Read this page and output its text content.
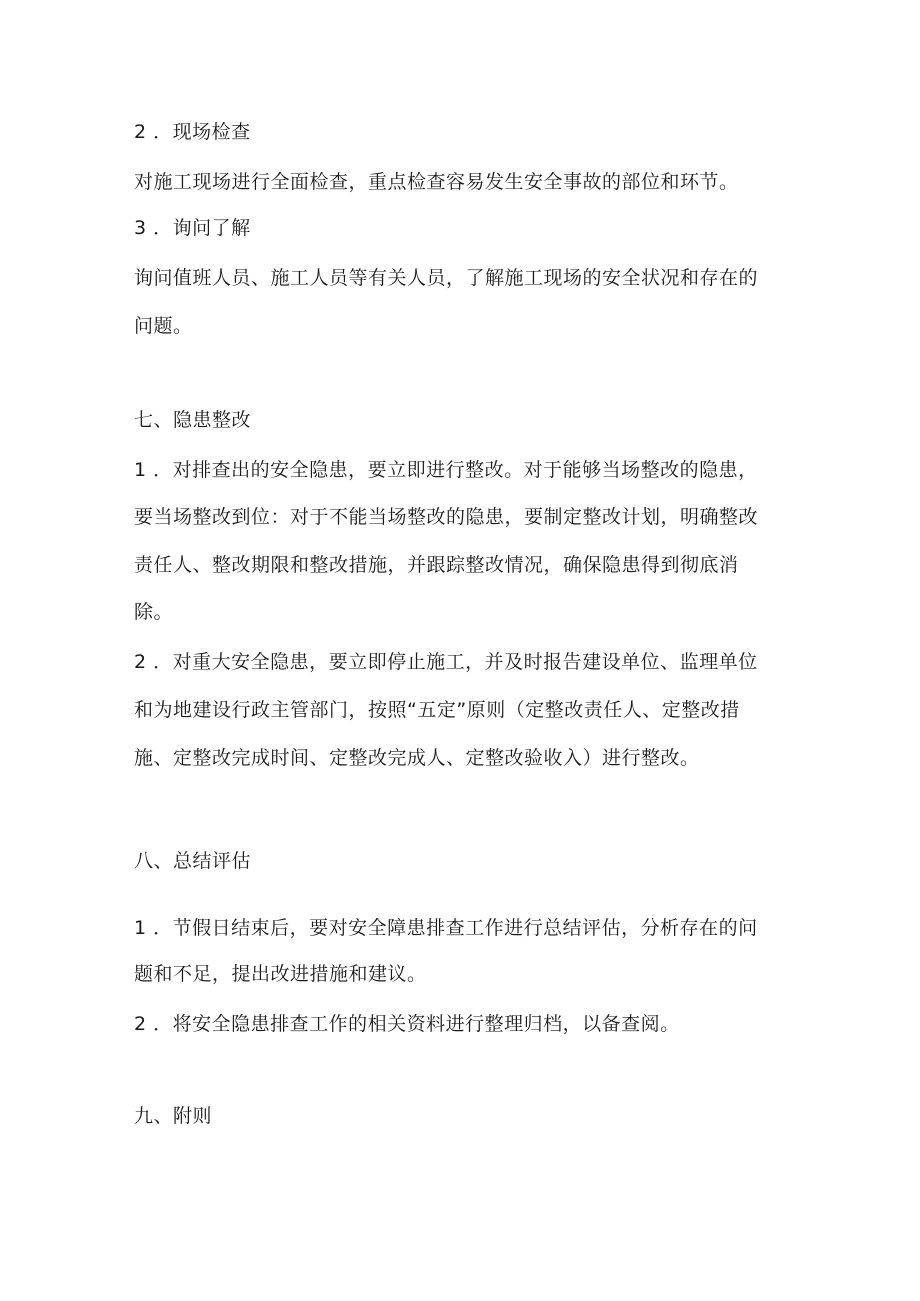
2 ．现场检查
对施工现场进行全面检查，重点检查容易发生安全事故的部位和环节。
3 ．询问了解
询问值班人员、施工人员等有关人员，了解施工现场的安全状况和存在的
问题。
七、隐患整改
1 ．对排查出的安全隐患，要立即进行整改。对于能够当场整改的隐患，
要当场整改到位：对于不能当场整改的隐患，要制定整改计划，明确整改
责任人、整改期限和整改措施，并跟踪整改情况，确保隐患得到彻底消
除。
2 ．对重大安全隐患，要立即停止施工，并及时报告建设单位、监理单位
和为地建设行政主管部门，按照“五定”原则（定整改责任人、定整改措
施、定整改完成时间、定整改完成人、定整改验收入）进行整改。
八、总结评估
1 ．节假日结束后，要对安全障患排查工作进行总结评估，分析存在的问
题和不足，提出改进措施和建议。
2 ．将安全隐患排查工作的相关资料进行整理归档，以备查阅。
九、附则
